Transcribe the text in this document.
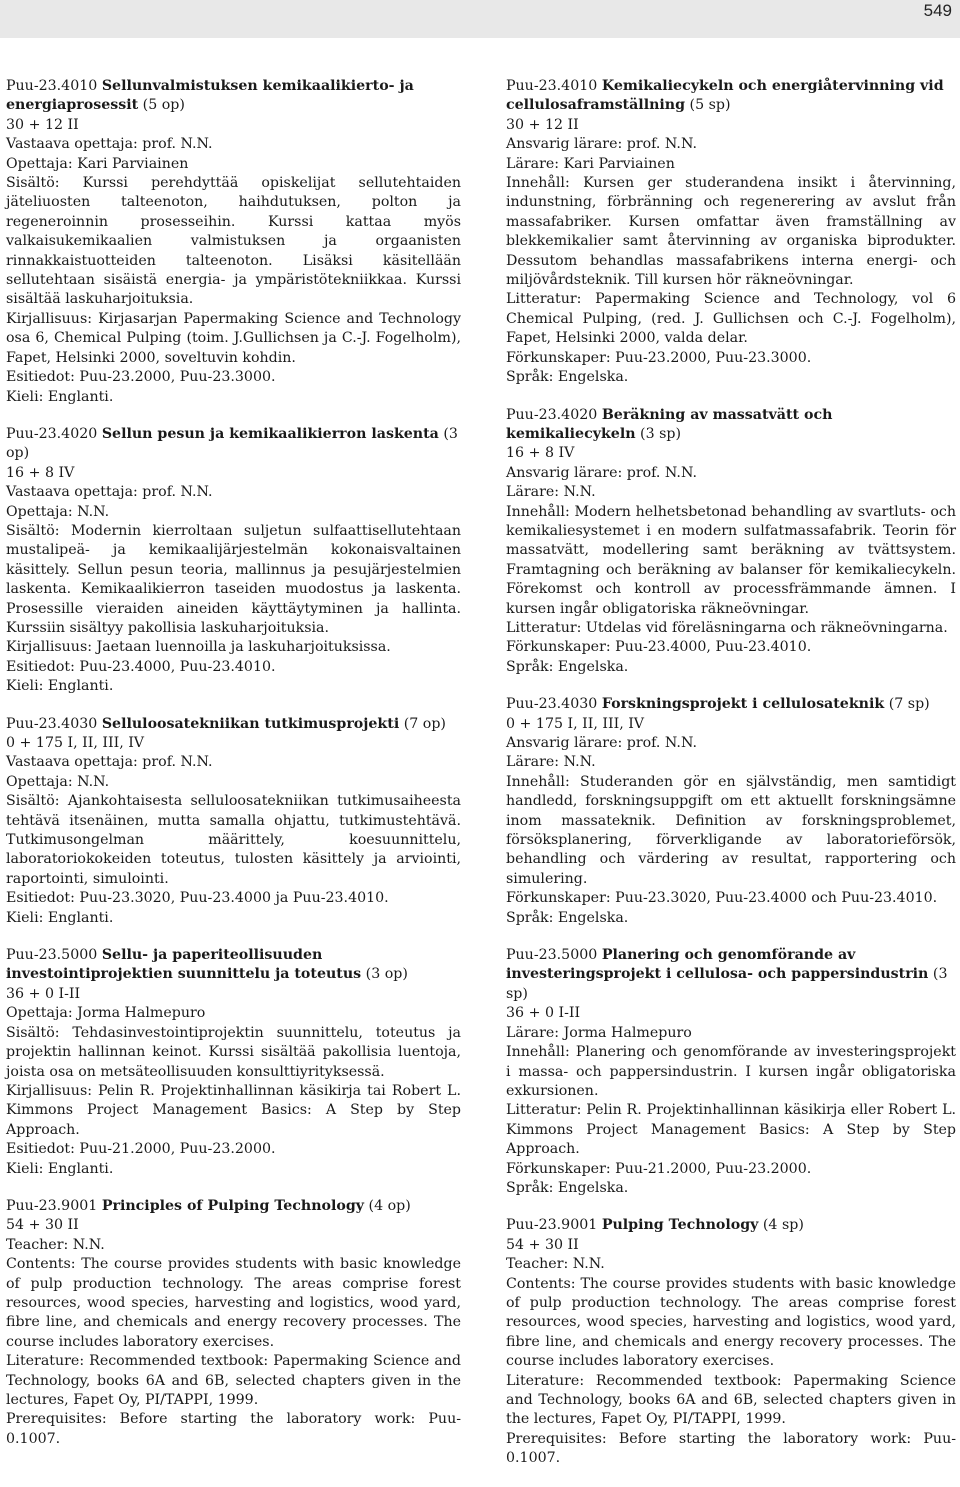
549

Puu-23.4010 Sellunvalmistuksen kemikaalikierto- ja energiaprosessit (5 op)

30 + 12 II

Vastaava opettaja: prof. N.N.

Opettaja: Kari Parviainen

Sisältö: Kurssi perehdyttää opiskelijat sellutehtaiden jäteliuosten talteenoton, haihdutuksen, polton ja regeneroinnin prosesseihin. Kurssi kattaa myös valkaisukemikaalien valmistuksen ja orgaanisten rinnakkaistuotteiden talteenoton. Lisäksi käsitellään sellutehtaan sisäistä energia- ja ympäristötekniikkaa. Kurssi sisältää laskuharjoituksia.

Kirjallisuus: Kirjasarjan Papermaking Science and Technology osa 6, Chemical Pulping (toim. J.Gullichsen ja C.-J. Fogelholm), Fapet, Helsinki 2000, soveltuvin kohdin.

Esitiedot: Puu-23.2000, Puu-23.3000.

Kieli: Englanti.

Puu-23.4020 Sellun pesun ja kemikaalikierron laskenta (3 op)

16 + 8 IV

Vastaava opettaja: prof. N.N.

Opettaja: N.N.

Sisältö: Modernin kierroltaan suljetun sulfaattisellutehtaan mustalipeä- ja kemikaalijärjestelmän kokonaisvaltainen käsittely. Sellun pesun teoria, mallinnus ja pesujärjestelmien laskenta. Kemikaalikierron taseiden muodostus ja laskenta. Prosessille vieraiden aineiden käyttäytyminen ja hallinta. Kurssiin sisältyy pakollisia laskuharjoituksia.

Kirjallisuus: Jaetaan luennoilla ja laskuharjoituksissa.

Esitiedot: Puu-23.4000, Puu-23.4010.

Kieli: Englanti.

Puu-23.4030 Selluloosatekniikan tutkimusprojekti (7 op)

0 + 175 I, II, III, IV

Vastaava opettaja: prof. N.N.

Opettaja: N.N.

Sisältö: Ajankohtaisesta selluloosatekniikan tutkimusaiheesta tehtävä itsenäinen, mutta samalla ohjattu, tutkimustehtävä. Tutkimusongelman määrittely, koesuunnittelu, laboratoriokokeiden toteutus, tulosten käsittely ja arviointi, raportointi, simulointi.

Esitiedot: Puu-23.3020, Puu-23.4000 ja Puu-23.4010.

Kieli: Englanti.

Puu-23.5000 Sellu- ja paperiteollisuuden investointiprojektien suunnittelu ja toteutus (3 op)

36 + 0 I-II

Opettaja: Jorma Halmepuro

Sisältö: Tehdasinvestointiprojektin suunnittelu, toteutus ja projektin hallinnan keinot. Kurssi sisältää pakollisia luentoja, joista osa on metsäteollisuuden konsulttiyrityksessä.

Kirjallisuus: Pelin R. Projektinhallinnan käsikirja tai Robert L. Kimmons Project Management Basics: A Step by Step Approach.

Esitiedot: Puu-21.2000, Puu-23.2000.

Kieli: Englanti.

Puu-23.9001 Principles of Pulping Technology (4 op)

54 + 30 II

Teacher: N.N.

Contents: The course provides students with basic knowledge of pulp production technology. The areas comprise forest resources, wood species, harvesting and logistics, wood yard, fibre line, and chemicals and energy recovery processes. The course includes laboratory exercises.

Literature: Recommended textbook: Papermaking Science and Technology, books 6A and 6B, selected chapters given in the lectures, Fapet Oy, PI/TAPPI, 1999.

Prerequisites: Before starting the laboratory work: Puu-0.1007.

Puu-23.4010 Kemikaliecykeln och energiåtervinning vid cellulosaframställning (5 sp)

30 + 12 II

Ansvarig lärare: prof. N.N.

Lärare: Kari Parviainen

Innehåll: Kursen ger studerandena insikt i återvinning, indunstning, förbränning och regenerering av avslut från massafabriker. Kursen omfattar även framställning av blekkemikalier samt återvinning av organiska biprodukter. Dessutom behandlas massafabrikens interna energi- och miljövårdsteknik. Till kursen hör räkneövningar.

Litteratur: Papermaking Science and Technology, vol 6 Chemical Pulping, (red. J. Gullichsen och C.-J. Fogelholm), Fapet, Helsinki 2000, valda delar.

Förkunskaper: Puu-23.2000, Puu-23.3000.

Språk: Engelska.

Puu-23.4020 Beräkning av massatvätt och kemikaliecykeln (3 sp)

16 + 8 IV

Ansvarig lärare: prof. N.N.

Lärare: N.N.

Innehåll: Modern helhetsbetonad behandling av svartluts- och kemikaliesystemet i en modern sulfatmassafabrik. Teorin för massatvätt, modellering samt beräkning av tvättsystem. Framtagning och beräkning av balanser för kemikaliecykeln. Förekomst och kontroll av processfrämmande ämnen. I kursen ingår obligatoriska räkneövningar.

Litteratur: Utdelas vid föreläsningarna och räkneövningarna.

Förkunskaper: Puu-23.4000, Puu-23.4010.

Språk: Engelska.

Puu-23.4030 Forskningsprojekt i cellulosateknik (7 sp)

0 + 175 I, II, III, IV

Ansvarig lärare: prof. N.N.

Lärare: N.N.

Innehåll: Studeranden gör en självständig, men samtidigt handledd, forskningsuppgift om ett aktuellt forskningsämne inom massateknik. Definition av forskningsproblemet, försöksplanering, förverkligande av laboratorieförsök, behandling och värdering av resultat, rapportering och simulering.

Förkunskaper: Puu-23.3020, Puu-23.4000 och Puu-23.4010.

Språk: Engelska.

Puu-23.5000 Planering och genomförande av investeringsprojekt i cellulosa- och pappersindustrin (3 sp)

36 + 0 I-II

Lärare: Jorma Halmepuro

Innehåll: Planering och genomförande av investeringsprojekt i massa- och pappersindustrin. I kursen ingår obligatoriska exkursionen.

Litteratur: Pelin R. Projektinhallinnan käsikirja eller Robert L. Kimmons Project Management Basics: A Step by Step Approach.

Förkunskaper: Puu-21.2000, Puu-23.2000.

Språk: Engelska.

Puu-23.9001 Pulping Technology (4 sp)

54 + 30 II

Teacher: N.N.

Contents: The course provides students with basic knowledge of pulp production technology. The areas comprise forest resources, wood species, harvesting and logistics, wood yard, fibre line, and chemicals and energy recovery processes. The course includes laboratory exercises.

Literature: Recommended textbook: Papermaking Science and Technology, books 6A and 6B, selected chapters given in the lectures, Fapet Oy, PI/TAPPI, 1999.

Prerequisites: Before starting the laboratory work: Puu-0.1007.
